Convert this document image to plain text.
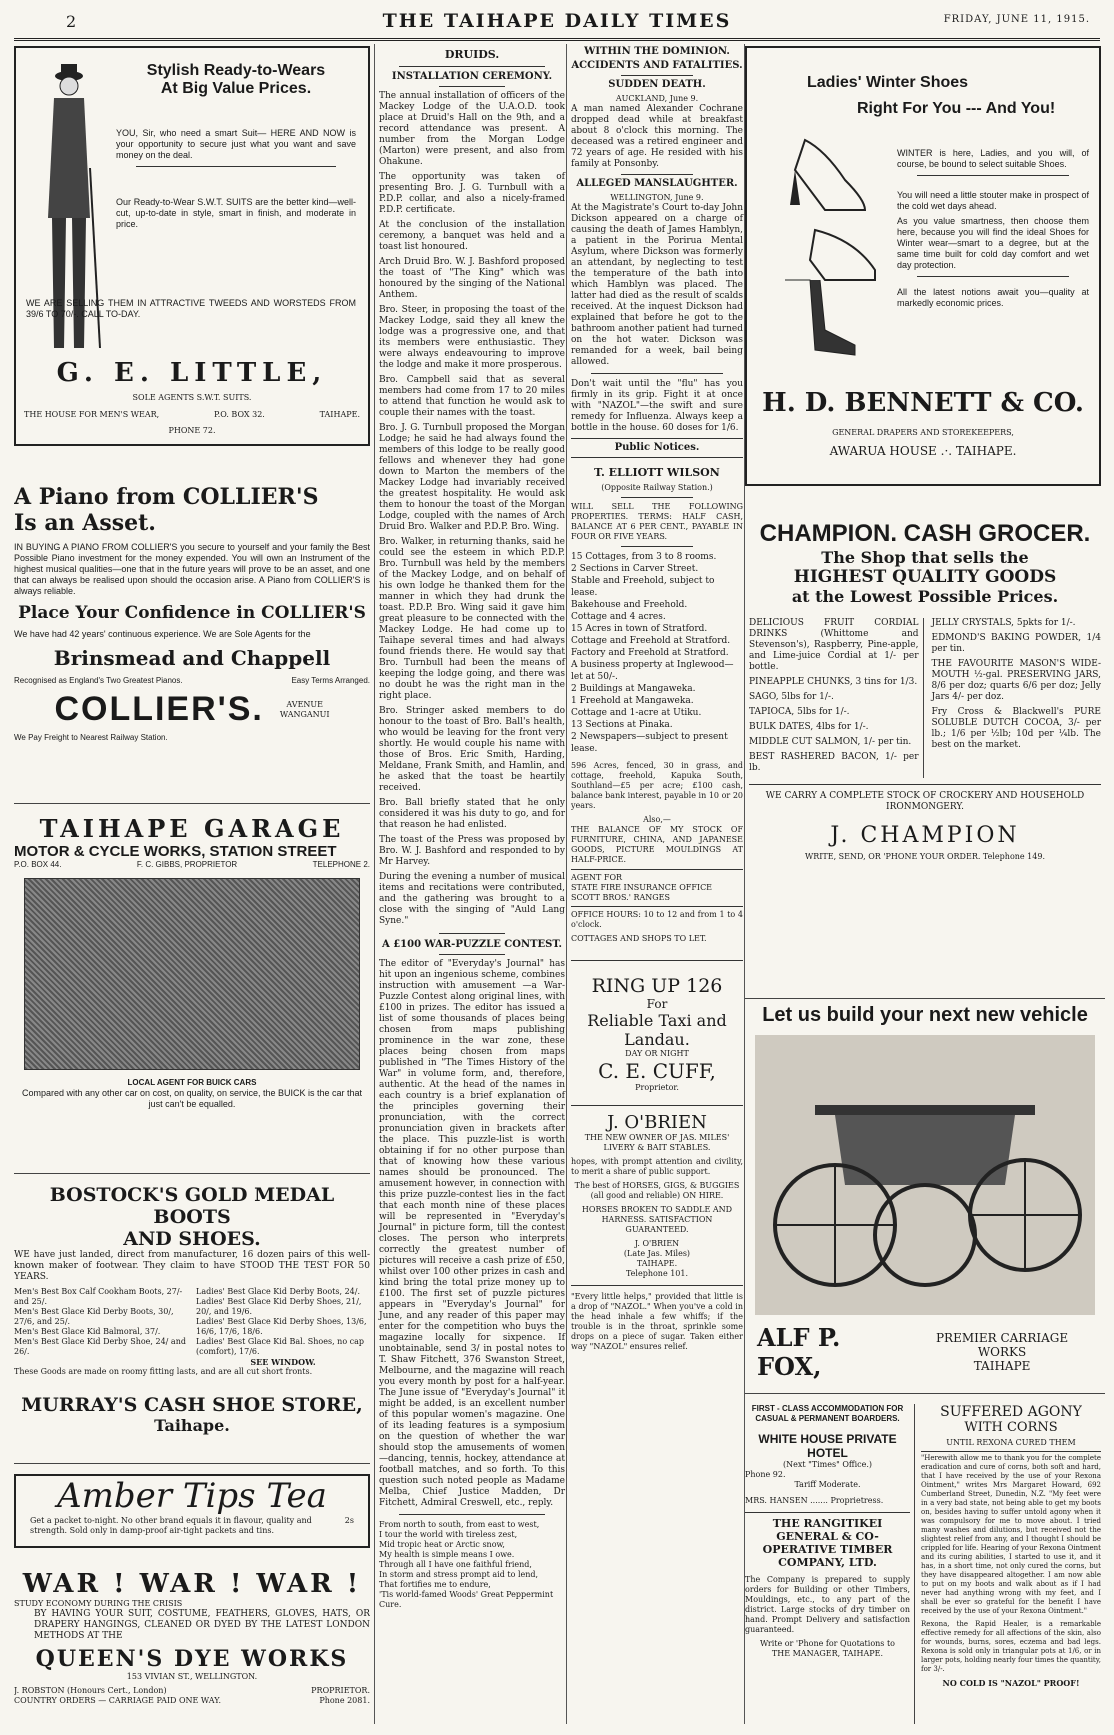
2	THE TAIHAPE DAILY TIMES	FRIDAY, JUNE 11, 1915.
Stylish Ready-to-Wears
At Big Value Prices.

YOU, Sir, who need a smart Suit— HERE AND NOW is your opportunity to secure just what you want and save money on the deal.

Our Ready-to-Wear S.W.T. SUITS are the better kind—well-cut, up-to-date in style, smart in finish, and moderate in price.

WE ARE SELLING THEM IN ATTRACTIVE TWEEDS AND WORSTEDS FROM 39/6 TO 70/-. CALL TO-DAY.

G. E. LITTLE,
SOLE AGENTS S.W.T. SUITS.
THE HOUSE FOR MEN'S WEAR,	P.O. BOX 32.	TAIHAPE.
PHONE 72.
A Piano from COLLIER'S
Is an Asset.

IN BUYING A PIANO FROM COLLIER'S you secure to yourself and your family the Best Possible Piano investment for the money expended. You will own an Instrument of the highest musical qualities—one that in the future years will prove to be an asset, and one that can always be realised upon should the occasion arise. A Piano from COLLIER'S is always reliable.

Place Your Confidence in COLLIER'S

We have had 42 years' continuous experience. We are Sole Agents for the

Brinsmead and Chappell
Recognised as England's Two Greatest Pianos.	Easy Terms Arranged.
COLLIER'S.	AVENUE
WANGANUI
We Pay Freight to Nearest Railway Station.
TAIHAPE GARAGE
MOTOR & CYCLE WORKS, STATION STREET
P.O. BOX 44.	F. C. GIBBS, PROPRIETOR	TELEPHONE 2.
LOCAL AGENT FOR BUICK CARS

Compared with any other car on cost, on quality, on service, the BUICK is the car that just can't be equalled.

BOSTOCK'S GOLD MEDAL BOOTS
AND SHOES.

WE have just landed, direct from manufacturer, 16 dozen pairs of this well-known maker of footwear. They claim to have STOOD THE TEST FOR 50 YEARS.

Men's Best Box Calf Cookham Boots, 27/- and 25/.
Men's Best Glace Kid Derby Boots, 30/, 27/6, and 25/.
Men's Best Glace Kid Balmoral, 37/.
Men's Best Glace Kid Derby Shoe, 24/ and 26/.
Ladies' Best Glace Kid Derby Boots, 24/.
Ladies' Best Glace Kid Derby Shoes, 21/, 20/, and 19/6.
Ladies' Best Glace Kid Derby Shoes, 13/6, 16/6, 17/6, 18/6.
Ladies' Best Glace Kid Bal. Shoes, no cap (comfort), 17/6.
SEE WINDOW.
These Goods are made on roomy fitting lasts, and are all cut short fronts.
MURRAY'S CASH SHOE STORE,
Taihape.
Amber Tips Tea
Get a packet to-night. No other brand equals it in flavour, quality and strength. Sold only in damp-proof air-tight packets and tins.
2s
WAR ! WAR ! WAR !
STUDY ECONOMY DURING THE CRISIS

BY HAVING YOUR SUIT, COSTUME, FEATHERS, GLOVES, HATS, OR DRAPERY HANGINGS, CLEANED OR DYED BY THE LATEST LONDON METHODS AT THE

QUEEN'S DYE WORKS
153 VIVIAN ST., WELLINGTON.
J. ROBSTON (Honours Cert., London)	PROPRIETOR.
COUNTRY ORDERS — CARRIAGE PAID ONE WAY.	Phone 2081.
DRUIDS.
INSTALLATION CEREMONY.

The annual installation of officers of the Mackey Lodge of the U.A.O.D. took place at Druid's Hall on the 9th, and a record attendance was present. A number from the Morgan Lodge (Marton) were present, and also from Ohakune.

The opportunity was taken of presenting Bro. J. G. Turnbull with a P.D.P. collar, and also a nicely-framed P.D.P. certificate.

At the conclusion of the installation ceremony, a banquet was held and a toast list honoured.

Arch Druid Bro. W. J. Bashford proposed the toast of "The King" which was honoured by the singing of the National Anthem.

Bro. Steer, in proposing the toast of the Mackey Lodge, said they all knew the lodge was a progressive one, and that its members were enthusiastic. They were always endeavouring to improve the lodge and make it more prosperous.

Bro. Campbell said that as several members had come from 17 to 20 miles to attend that function he would ask to couple their names with the toast.

Bro. J. G. Turnbull proposed the Morgan Lodge; he said he had always found the members of this lodge to be really good fellows and whenever they had gone down to Marton the members of the Mackey Lodge had invariably received the greatest hospitality. He would ask them to honour the toast of the Morgan Lodge, coupled with the names of Arch Druid Bro. Walker and P.D.P. Bro. Wing.

Bro. Walker, in returning thanks, said he could see the esteem in which P.D.P. Bro. Turnbull was held by the members of the Mackey Lodge, and on behalf of his own lodge he thanked them for the manner in which they had drunk the toast. P.D.P. Bro. Wing said it gave him great pleasure to be connected with the Mackey Lodge. He had come up to Taihape several times and had always found friends there. He would say that Bro. Turnbull had been the means of keeping the lodge going, and there was no doubt he was the right man in the right place.

Bro. Stringer asked members to do honour to the toast of Bro. Ball's health, who would be leaving for the front very shortly. He would couple his name with those of Bros. Eric Smith, Harding, Meldane, Frank Smith, and Hamlin, and he asked that the toast be heartily received.

Bro. Ball briefly stated that he only considered it was his duty to go, and for that reason he had enlisted.

The toast of the Press was proposed by Bro. W. J. Bashford and responded to by Mr Harvey.

During the evening a number of musical items and recitations were contributed, and the gathering was brought to a close with the singing of "Auld Lang Syne."

A £100 WAR-PUZZLE CONTEST.

The editor of "Everyday's Journal" has hit upon an ingenious scheme, combines instruction with amusement —a War-Puzzle Contest along original lines, with £100 in prizes. The editor has issued a list of some thousands of places being chosen from maps publishing prominence in the war zone, these places being chosen from maps published in "The Times History of the War" in volume form, and, therefore, authentic. At the head of the names in each country is a brief explanation of the principles governing their pronunciation, with the correct pronunciation given in brackets after the place. This puzzle-list is worth obtaining if for no other purpose than that of knowing how these various names should be pronounced. The amusement however, in connection with this prize puzzle-contest lies in the fact that each month nine of these places will be represented in "Everyday's Journal" in picture form, till the contest closes. The person who interprets correctly the greatest number of pictures will receive a cash prize of £50, whilst over 100 other prizes in cash and kind bring the total prize money up to £100. The first set of puzzle pictures appears in "Everyday's Journal" for June, and any reader of this paper may enter for the competition who buys the magazine locally for sixpence. If unobtainable, send 3/ in postal notes to T. Shaw Fitchett, 376 Swanston Street, Melbourne, and the magazine will reach you every month by post for a half-year. The June issue of "Everyday's Journal" it might be added, is an excellent number of this popular women's magazine. One of its leading features is a symposium on the question of whether the war should stop the amusements of women —dancing, tennis, hockey, attendance at football matches, and so forth. To this question such noted people as Madame Melba, Chief Justice Madden, Dr Fitchett, Admiral Creswell, etc., reply.

From north to south, from east to west,
I tour the world with tireless zest,
Mid tropic heat or Arctic snow,
My health is simple means I owe.
Through all I have one faithful friend,
In storm and stress prompt aid to lend,
That fortifies me to endure,
'Tis world-famed Woods' Great Peppermint Cure.
WITHIN THE DOMINION.
ACCIDENTS AND FATALITIES.
SUDDEN DEATH.
AUCKLAND, June 9.

A man named Alexander Cochrane dropped dead while at breakfast about 8 o'clock this morning. The deceased was a retired engineer and 72 years of age. He resided with his family at Ponsonby.

ALLEGED MANSLAUGHTER.
WELLINGTON, June 9.

At the Magistrate's Court to-day John Dickson appeared on a charge of causing the death of James Hamblyn, a patient in the Porirua Mental Asylum, where Dickson was formerly an attendant, by neglecting to test the temperature of the bath into which Hamblyn was placed. The latter had died as the result of scalds received. At the inquest Dickson had explained that before he got to the bathroom another patient had turned on the hot water. Dickson was remanded for a week, bail being allowed.

Don't wait until the "flu" has you firmly in its grip. Fight it at once with "NAZOL"—the swift and sure remedy for Influenza. Always keep a bottle in the house. 60 doses for 1/6.

Public Notices.
T. ELLIOTT WILSON
(Opposite Railway Station.)

WILL SELL THE FOLLOWING PROPERTIES. TERMS: HALF CASH, BALANCE AT 6 PER CENT., PAYABLE IN FOUR OR FIVE YEARS.

15 Cottages, from 3 to 8 rooms.
2 Sections in Carver Street.
Stable and Freehold, subject to lease.
Bakehouse and Freehold.
Cottage and 4 acres.
15 Acres in town of Stratford.
Cottage and Freehold at Stratford.
Factory and Freehold at Stratford.
A business property at Inglewood—let at 50/-.
2 Buildings at Mangaweka.
1 Freehold at Mangaweka.
Cottage and 1-acre at Utiku.
13 Sections at Pinaka.
2 Newspapers—subject to present lease.

596 Acres, fenced, 30 in grass, and cottage, freehold, Kapuka South, Southland—£5 per acre; £100 cash, balance bank interest, payable in 10 or 20 years.

Also,—

THE BALANCE OF MY STOCK OF FURNITURE, CHINA, AND JAPANESE GOODS, PICTURE MOULDINGS AT HALF-PRICE.

AGENT FOR
STATE FIRE INSURANCE OFFICE
SCOTT BROS.' RANGES

OFFICE HOURS: 10 to 12 and from 1 to 4 o'clock.

COTTAGES AND SHOPS TO LET.
RING UP 126
For
Reliable Taxi and
Landau.
DAY OR NIGHT
C. E. CUFF,
Proprietor.
J. O'BRIEN

THE NEW OWNER OF JAS. MILES' LIVERY & BAIT STABLES.

hopes, with prompt attention and civility, to merit a share of public support.

The best of HORSES, GIGS, & BUGGIES (all good and reliable) ON HIRE.

HORSES BROKEN TO SADDLE AND HARNESS. SATISFACTION GUARANTEED.

J. O'BRIEN
(Late Jas. Miles)
TAIHAPE.
Telephone 101.

"Every little helps," provided that little is a drop of "NAZOL." When you've a cold in the head inhale a few whiffs; if the trouble is in the throat, sprinkle some drops on a piece of sugar. Taken either way "NAZOL" ensures relief.

Ladies' Winter Shoes
Right For You --- And You!

WINTER is here, Ladies, and you will, of course, be bound to select suitable Shoes.

You will need a little stouter make in prospect of the cold wet days ahead.

As you value smartness, then choose them here, because you will find the ideal Shoes for Winter wear—smart to a degree, but at the same time built for cold day comfort and wet day protection.

All the latest notions await you—quality at markedly economic prices.

H. D. BENNETT & CO.
GENERAL DRAPERS AND STOREKEEPERS,
AWARUA HOUSE .·. TAIHAPE.
CHAMPION. CASH GROCER.
The Shop that sells the
HIGHEST QUALITY GOODS
at the Lowest Possible Prices.

DELICIOUS FRUIT CORDIAL DRINKS (Whittome and Stevenson's), Raspberry, Pine-apple, and Lime-juice Cordial at 1/- per bottle.

PINEAPPLE CHUNKS, 3 tins for 1/3.

SAGO, 5lbs for 1/-.

TAPIOCA, 5lbs for 1/-.

BULK DATES, 4lbs for 1/-.

MIDDLE CUT SALMON, 1/- per tin.

BEST RASHERED BACON, 1/- per lb.

JELLY CRYSTALS, 5pkts for 1/-.

EDMOND'S BAKING POWDER, 1/4 per tin.

THE FAVOURITE MASON'S WIDE-MOUTH ½-gal. PRESERVING JARS, 8/6 per doz; quarts 6/6 per doz; Jelly Jars 4/- per doz.

Fry Cross & Blackwell's PURE SOLUBLE DUTCH COCOA, 3/- per lb.; 1/6 per ½lb; 10d per ¼lb. The best on the market.

WE CARRY A COMPLETE STOCK OF CROCKERY AND HOUSEHOLD IRONMONGERY.

J. CHAMPION
WRITE, SEND, OR 'PHONE YOUR ORDER. Telephone 149.
Let us build your next new vehicle
ALF P. FOX,
PREMIER CARRIAGE WORKS
TAIHAPE
FIRST - CLASS ACCOMMODATION FOR CASUAL & PERMANENT BOARDERS.
WHITE HOUSE PRIVATE HOTEL
(Next "Times" Office.)
Phone 92.
Tariff Moderate.
MRS. HANSEN ....... Proprietress.
THE RANGITIKEI GENERAL & CO-OPERATIVE TIMBER COMPANY, LTD.

The Company is prepared to supply orders for Building or other Timbers, Mouldings, etc., to any part of the district. Large stocks of dry timber on hand. Prompt Delivery and satisfaction guaranteed.

Write or 'Phone for Quotations to
THE MANAGER, TAIHAPE.
SUFFERED AGONY
WITH CORNS
UNTIL REXONA CURED THEM

"Herewith allow me to thank you for the complete eradication and cure of corns, both soft and hard, that I have received by the use of your Rexona Ointment," writes Mrs Margaret Howard, 692 Cumberland Street, Dunedin, N.Z. "My feet were in a very bad state, not being able to get my boots on, besides having to suffer untold agony when it was compulsory for me to move about. I tried many washes and dilutions, but received not the slightest relief from any, and I thought I should be crippled for life. Hearing of your Rexona Ointment and its curing abilities, I started to use it, and it has, in a short time, not only cured the corns, but they have disappeared altogether. I am now able to put on my boots and walk about as if I had never had anything wrong with my feet, and I shall be ever so grateful for the benefit I have received by the use of your Rexona Ointment."

Rexona, the Rapid Healer, is a remarkable effective remedy for all affections of the skin, also for wounds, burns, sores, eczema and bad legs. Rexona is sold only in triangular pots at 1/6, or in larger pots, holding nearly four times the quantity, for 3/-.

NO COLD IS "NAZOL" PROOF!
